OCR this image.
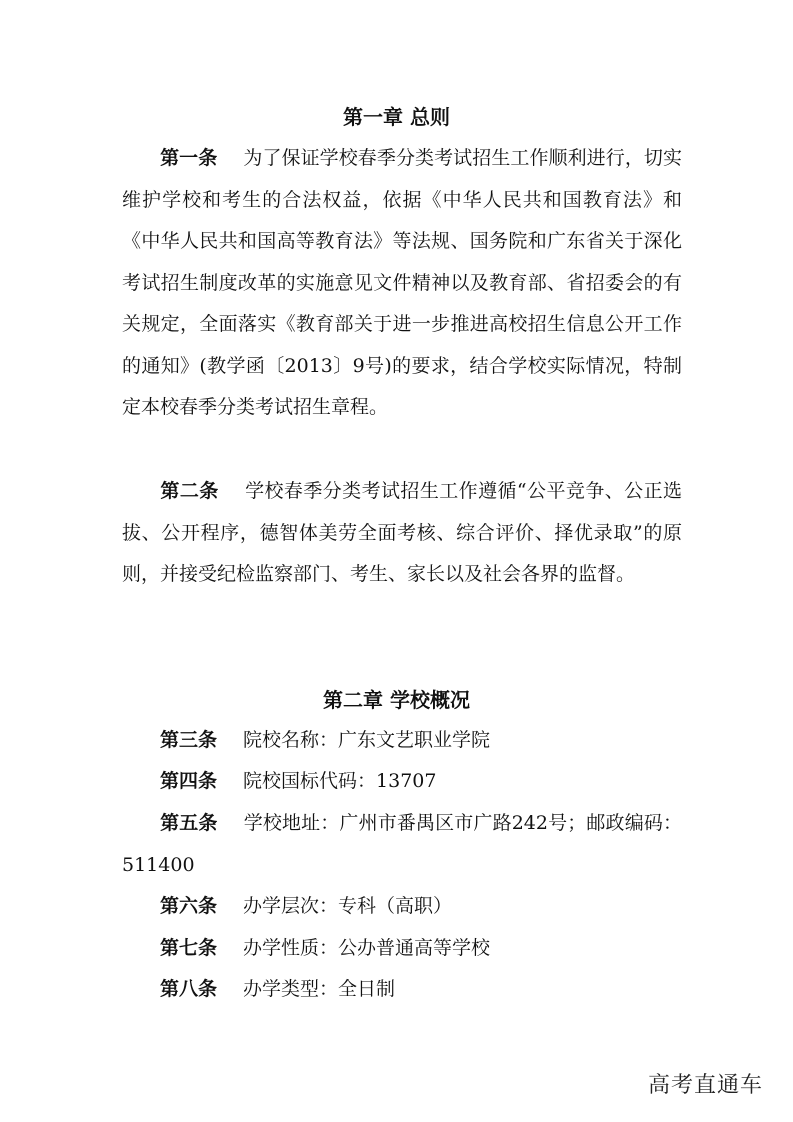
第一章 总则

第一条 为了保证学校春季分类考试招生工作顺利进行，切实维护学校和考生的合法权益，依据《中华人民共和国教育法》和《中华人民共和国高等教育法》等法规、国务院和广东省关于深化考试招生制度改革的实施意见文件精神以及教育部、省招委会的有关规定，全面落实《教育部关于进一步推进高校招生信息公开工作的通知》(教学函〔2013〕9号)的要求，结合学校实际情况，特制定本校春季分类考试招生章程。

第二条 学校春季分类考试招生工作遵循“公平竞争、公正选拔、公开程序，德智体美劳全面考核、综合评价、择优录取”的原则，并接受纪检监察部门、考生、家长以及社会各界的监督。

第二章 学校概况

第三条 院校名称：广东文艺职业学院

第四条 院校国标代码：13707

第五条 学校地址：广州市番禺区市广路242号；邮政编码：511400

第六条 办学层次：专科（高职）

第七条 办学性质：公办普通高等学校

第八条 办学类型：全日制

高考直通车
